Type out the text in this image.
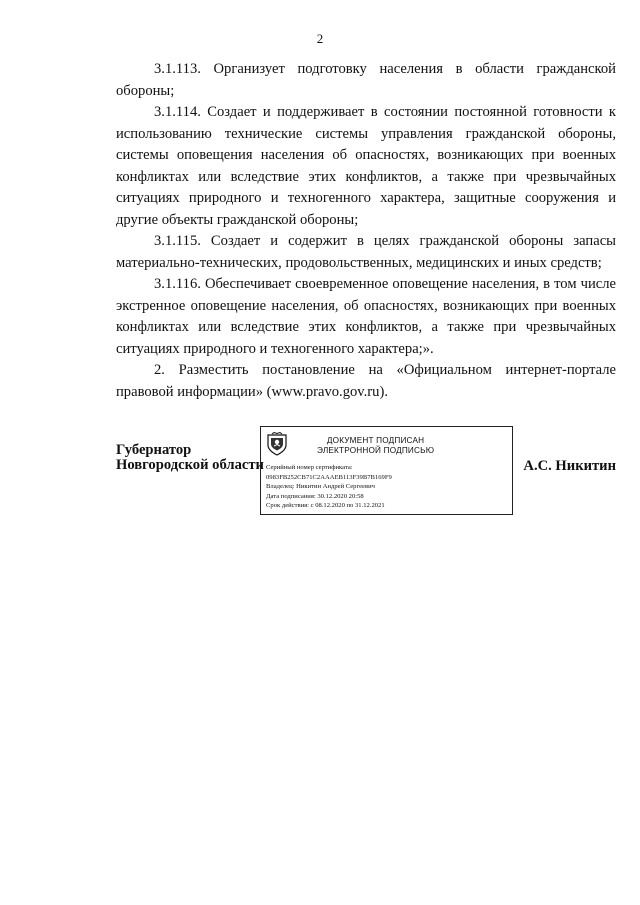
2

3.1.113. Организует подготовку населения в области гражданской обороны;

3.1.114. Создает и поддерживает в состоянии постоянной готовности к использованию технические системы управления гражданской обороны, системы оповещения населения об опасностях, возникающих при военных конфликтах или вследствие этих конфликтов, а также при чрезвычайных ситуациях природного и техногенного характера, защитные сооружения и другие объекты гражданской обороны;

3.1.115. Создает и содержит в целях гражданской обороны запасы материально-технических, продовольственных, медицинских и иных средств;

3.1.116. Обеспечивает своевременное оповещение населения, в том числе экстренное оповещение населения, об опасностях, возникающих при военных конфликтах или вследствие этих конфликтов, а также при чрезвычайных ситуациях природного и техногенного характера;».

2. Разместить постановление на «Официальном интернет-портале правовой информации» (www.pravo.gov.ru).

Губернатор
Новгородской области
ДОКУМЕНТ ПОДПИСАН
ЭЛЕКТРОННОЙ ПОДПИСЬЮ
Серийный номер сертификата:
0983FB252CB71C2AAAEB113F39B7B169F9
Владелец: Никитин Андрей Сергеевич
Дата подписания: 30.12.2020 20:58
Срок действия: с 08.12.2020 по 31.12.2021
А.С. Никитин
